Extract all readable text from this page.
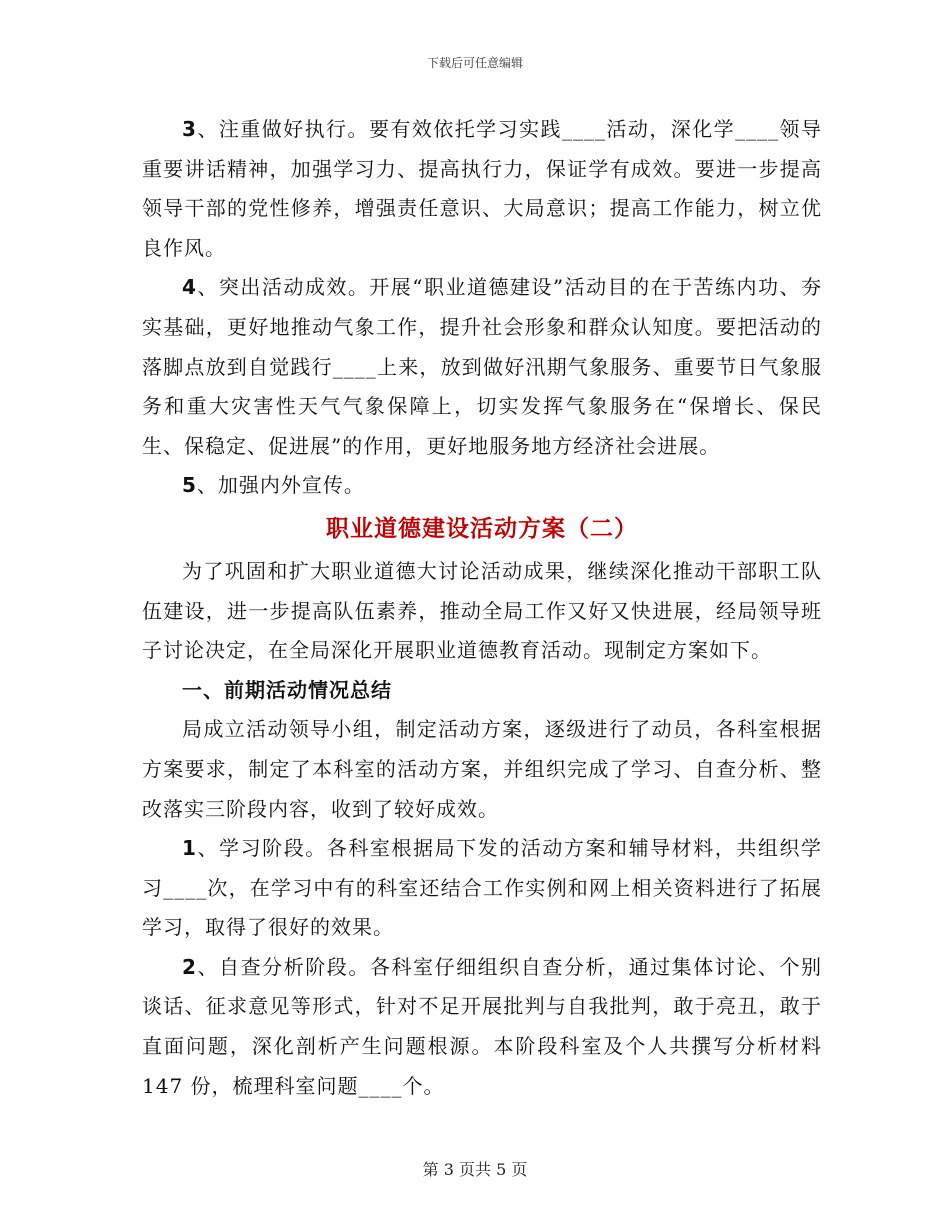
下载后可任意编辑

3、注重做好执行。要有效依托学习实践____活动，深化学____领导重要讲话精神，加强学习力、提高执行力，保证学有成效。要进一步提高领导干部的党性修养，增强责任意识、大局意识；提高工作能力，树立优良作风。

4、突出活动成效。开展“职业道德建设”活动目的在于苦练内功、夯实基础，更好地推动气象工作，提升社会形象和群众认知度。要把活动的落脚点放到自觉践行____上来，放到做好汛期气象服务、重要节日气象服务和重大灾害性天气气象保障上，切实发挥气象服务在“保增长、保民生、保稳定、促进展”的作用，更好地服务地方经济社会进展。

5、加强内外宣传。

职业道德建设活动方案（二）

为了巩固和扩大职业道德大讨论活动成果，继续深化推动干部职工队伍建设，进一步提高队伍素养，推动全局工作又好又快进展，经局领导班子讨论决定，在全局深化开展职业道德教育活动。现制定方案如下。

一、前期活动情况总结

局成立活动领导小组，制定活动方案，逐级进行了动员，各科室根据方案要求，制定了本科室的活动方案，并组织完成了学习、自查分析、整改落实三阶段内容，收到了较好成效。

1、学习阶段。各科室根据局下发的活动方案和辅导材料，共组织学习____次，在学习中有的科室还结合工作实例和网上相关资料进行了拓展学习，取得了很好的效果。

2、自查分析阶段。各科室仔细组织自查分析，通过集体讨论、个别谈话、征求意见等形式，针对不足开展批判与自我批判，敢于亮丑，敢于直面问题，深化剖析产生问题根源。本阶段科室及个人共撰写分析材料 147 份，梳理科室问题____个。

第 3 页共 5 页
